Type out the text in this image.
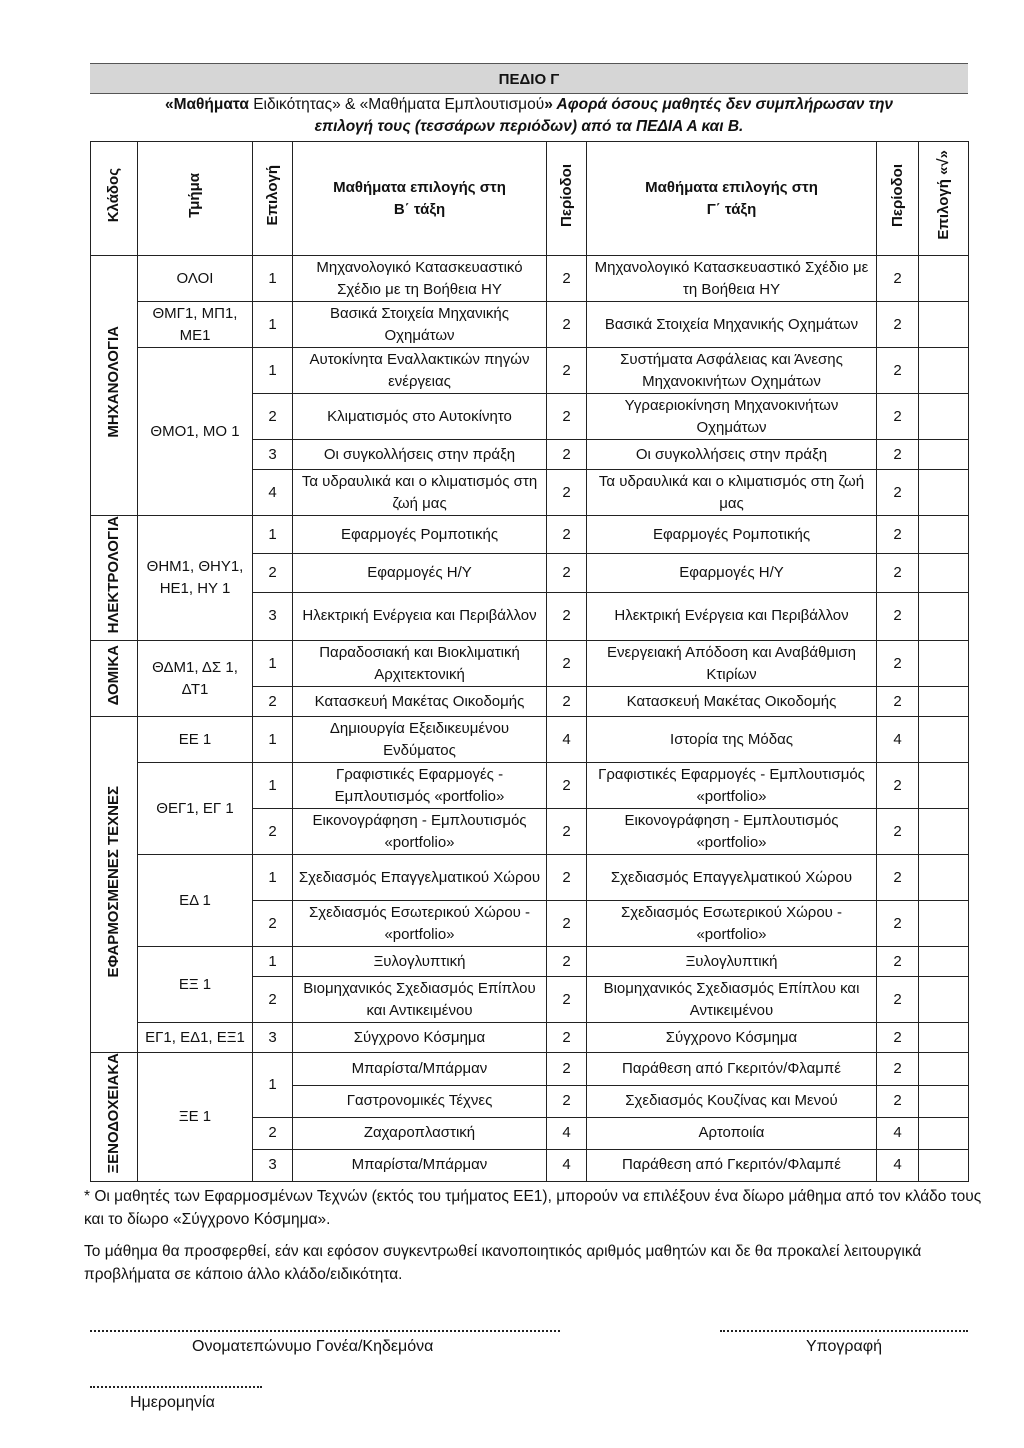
ΠΕΔΙΟ Γ
«Μαθήματα Ειδικότητας» & «Μαθήματα Εμπλουτισμού» Αφορά όσους μαθητές δεν συμπλήρωσαν την
επιλογή τους (τεσσάρων περιόδων) από τα ΠΕΔΙΑ Α και Β.
Κλάδος	Τμήμα	Επιλογή	Μαθήματα επιλογής στη
Β΄ τάξη	Περίοδοι	Μαθήματα επιλογής στη
Γ΄ τάξη	Περίοδοι	Επιλογή «√»
ΜΗΧΑΝΟΛΟΓΙΑ	ΟΛΟΙ	1	Μηχανολογικό Κατασκευαστικό Σχέδιο με τη Βοήθεια ΗΥ	2	Μηχανολογικό Κατασκευαστικό Σχέδιο με τη Βοήθεια ΗΥ	2	
	ΘΜΓ1, ΜΠ1, ΜΕ1	1	Βασικά Στοιχεία Μηχανικής Οχημάτων	2	Βασικά Στοιχεία Μηχανικής Οχημάτων	2	
	ΘΜΟ1, ΜΟ 1	1	Αυτοκίνητα Εναλλακτικών πηγών ενέργειας	2	Συστήματα Ασφάλειας και Άνεσης Μηχανοκινήτων Οχημάτων	2	
		2	Κλιματισμός στο Αυτοκίνητο	2	Υγραεριοκίνηση Μηχανοκινήτων Οχημάτων	2	
		3	Οι συγκολλήσεις στην πράξη	2	Οι συγκολλήσεις στην πράξη	2	
		4	Τα υδραυλικά και ο κλιματισμός στη ζωή μας	2	Τα υδραυλικά και ο κλιματισμός στη ζωή μας	2	
ΗΛΕΚΤΡΟΛΟΓΙΑ	ΘΗΜ1, ΘΗΥ1, ΗΕ1, ΗΥ 1	1	Εφαρμογές Ρομποτικής	2	Εφαρμογές Ρομποτικής	2	
		2	Εφαρμογές Η/Υ	2	Εφαρμογές Η/Υ	2	
		3	Ηλεκτρική Ενέργεια και Περιβάλλον	2	Ηλεκτρική Ενέργεια και Περιβάλλον	2	
ΔΟΜΙΚΑ	ΘΔΜ1, ΔΣ 1, ΔΤ1	1	Παραδοσιακή και Βιοκλιματική Αρχιτεκτονική	2	Ενεργειακή Απόδοση και Αναβάθμιση Κτιρίων	2	
		2	Κατασκευή Μακέτας Οικοδομής	2	Κατασκευή Μακέτας Οικοδομής	2	
ΕΦΑΡΜΟΣΜΕΝΕΣ ΤΕΧΝΕΣ	ΕΕ 1	1	Δημιουργία Εξειδικευμένου Ενδύματος	4	Ιστορία της Μόδας	4	
	ΘΕΓ1, ΕΓ 1	1	Γραφιστικές Εφαρμογές - Εμπλουτισμός «portfolio»	2	Γραφιστικές Εφαρμογές - Εμπλουτισμός «portfolio»	2	
		2	Εικονογράφηση - Εμπλουτισμός «portfolio»	2	Εικονογράφηση - Εμπλουτισμός «portfolio»	2	
	ΕΔ 1	1	Σχεδιασμός Επαγγελματικού Χώρου	2	Σχεδιασμός Επαγγελματικού Χώρου	2	
		2	Σχεδιασμός Εσωτερικού Χώρου - «portfolio»	2	Σχεδιασμός Εσωτερικού Χώρου - «portfolio»	2	
	ΕΞ 1	1	Ξυλογλυπτική	2	Ξυλογλυπτική	2	
		2	Βιομηχανικός Σχεδιασμός Επίπλου και Αντικειμένου	2	Βιομηχανικός Σχεδιασμός Επίπλου και Αντικειμένου	2	
	ΕΓ1, ΕΔ1, ΕΞ1	3	Σύγχρονο Κόσμημα	2	Σύγχρονο Κόσμημα	2	
ΞΕΝΟΔΟΧΕΙΑΚΑ	ΞΕ 1	1	Μπαρίστα/Μπάρμαν	2	Παράθεση από Γκεριτόν/Φλαμπέ	2	
			Γαστρονομικές Τέχνες	2	Σχεδιασμός Κουζίνας και Μενού	2	
		2	Ζαχαροπλαστική	4	Αρτοποιία	4	
		3	Μπαρίστα/Μπάρμαν	4	Παράθεση από Γκεριτόν/Φλαμπέ	4	
* Οι μαθητές των Εφαρμοσμένων Τεχνών (εκτός του τμήματος ΕΕ1), μπορούν να επιλέξουν ένα δίωρο μάθημα από τον κλάδο τους και το δίωρο «Σύγχρονο Κόσμημα».
Το μάθημα θα προσφερθεί, εάν και εφόσον συγκεντρωθεί ικανοποιητικός αριθμός μαθητών και δε θα προκαλεί λειτουργικά προβλήματα σε κάποιο άλλο κλάδο/ειδικότητα.
Ονοματεπώνυμο Γονέα/Κηδεμόνα	Υπογραφή
Ημερομηνία
